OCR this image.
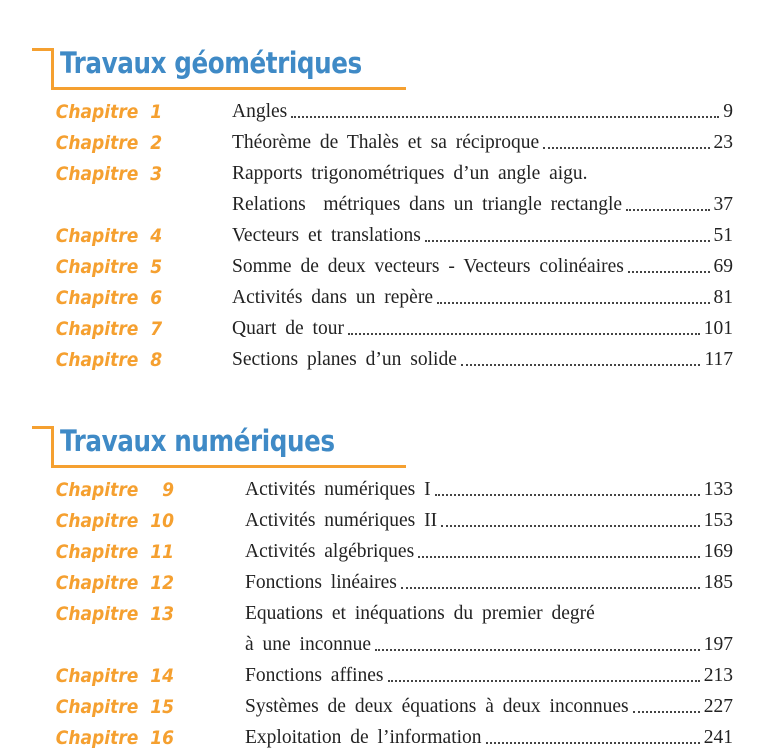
Travaux géométriques
Chapitre  1	Angles	9
Chapitre  2	Théorème de Thalès et sa réciproque	23
Chapitre  3	Rapports trigonométriques d’un angle aigu.
Relations  métriques dans un triangle rectangle	37
Chapitre  4	Vecteurs et translations	51
Chapitre  5	Somme de deux vecteurs - Vecteurs colinéaires	69
Chapitre  6	Activités dans un repère	81
Chapitre  7	Quart de tour	101
Chapitre  8	Sections planes d’un solide	117
Travaux numériques
Chapitre    9	Activités numériques I	133
Chapitre  10	Activités numériques II	153
Chapitre  11	Activités algébriques	169
Chapitre  12	Fonctions linéaires	185
Chapitre  13	Equations et inéquations du premier degré
à une inconnue	197
Chapitre  14	Fonctions affines	213
Chapitre  15	Systèmes de deux équations à deux inconnues	227
Chapitre  16	Exploitation de l’information	241
